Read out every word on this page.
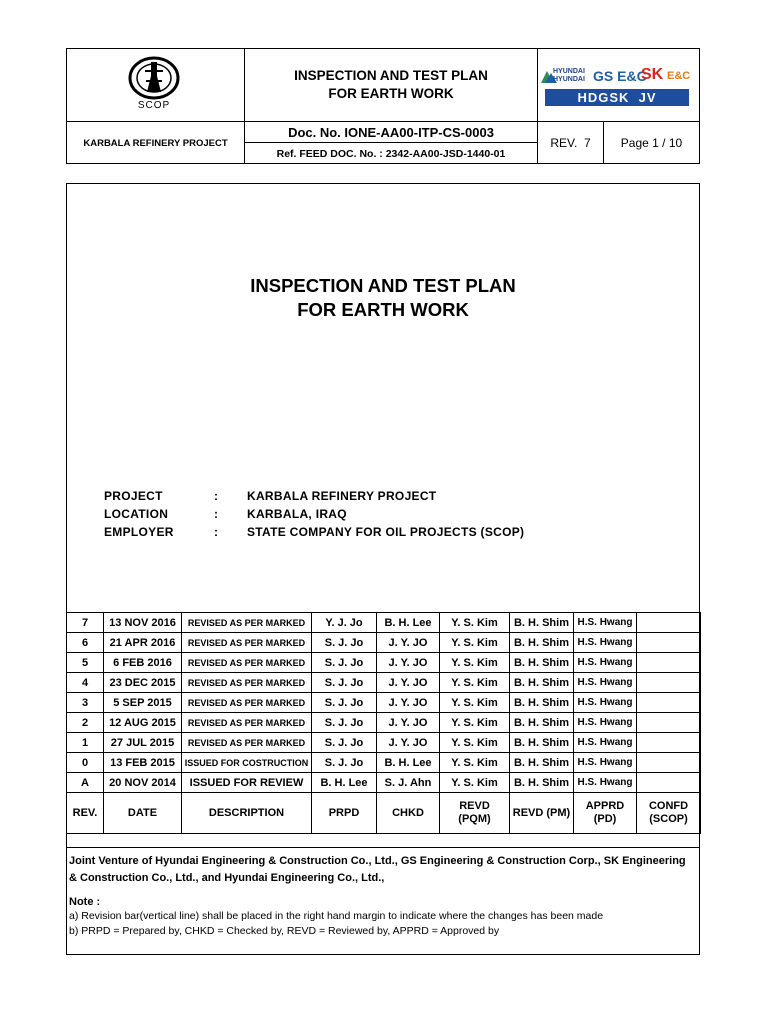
SCOP
INSPECTION AND TEST PLAN
FOR EARTH WORK
HYUNDAI
HYUNDAI GS E&C
SK E&C
HDGSK  JV
KARBALA REFINERY PROJECT
Doc. No. IONE-AA00-ITP-CS-0003
Ref. FEED DOC. No. : 2342-AA00-JSD-1440-01
REV.  7	Page 1 / 10
INSPECTION AND TEST PLAN
FOR EARTH WORK
PROJECT	: KARBALA REFINERY PROJECT
LOCATION	: KARBALA, IRAQ
EMPLOYER	: STATE COMPANY FOR OIL PROJECTS (SCOP)
7	13 NOV 2016	REVISED AS PER MARKED	Y. J. Jo	B. H. Lee	Y. S. Kim	B. H. Shim	H.S. Hwang	
6	21 APR 2016	REVISED AS PER MARKED	S. J. Jo	J. Y. JO	Y. S. Kim	B. H. Shim	H.S. Hwang	
5	6 FEB 2016	REVISED AS PER MARKED	S. J. Jo	J. Y. JO	Y. S. Kim	B. H. Shim	H.S. Hwang	
4	23 DEC 2015	REVISED AS PER MARKED	S. J. Jo	J. Y. JO	Y. S. Kim	B. H. Shim	H.S. Hwang	
3	5 SEP 2015	REVISED AS PER MARKED	S. J. Jo	J. Y. JO	Y. S. Kim	B. H. Shim	H.S. Hwang	
2	12 AUG 2015	REVISED AS PER MARKED	S. J. Jo	J. Y. JO	Y. S. Kim	B. H. Shim	H.S. Hwang	
1	27 JUL 2015	REVISED AS PER MARKED	S. J. Jo	J. Y. JO	Y. S. Kim	B. H. Shim	H.S. Hwang	
0	13 FEB 2015	ISSUED FOR COSTRUCTION	S. J. Jo	B. H. Lee	Y. S. Kim	B. H. Shim	H.S. Hwang	
A	20 NOV 2014	ISSUED FOR REVIEW	B. H. Lee	S. J. Ahn	Y. S. Kim	B. H. Shim	H.S. Hwang	
REV.	DATE	DESCRIPTION	PRPD	CHKD	REVD (PQM)	REVD (PM)	APPRD (PD)	CONFD (SCOP)
Joint Venture of Hyundai Engineering & Construction Co., Ltd., GS Engineering & Construction Corp., SK Engineering & Construction Co., Ltd., and Hyundai Engineering Co., Ltd.,
Note :
a) Revision bar(vertical line) shall be placed in the right hand margin to indicate where the changes has been made
b) PRPD = Prepared by, CHKD = Checked by, REVD = Reviewed by, APPRD = Approved by
